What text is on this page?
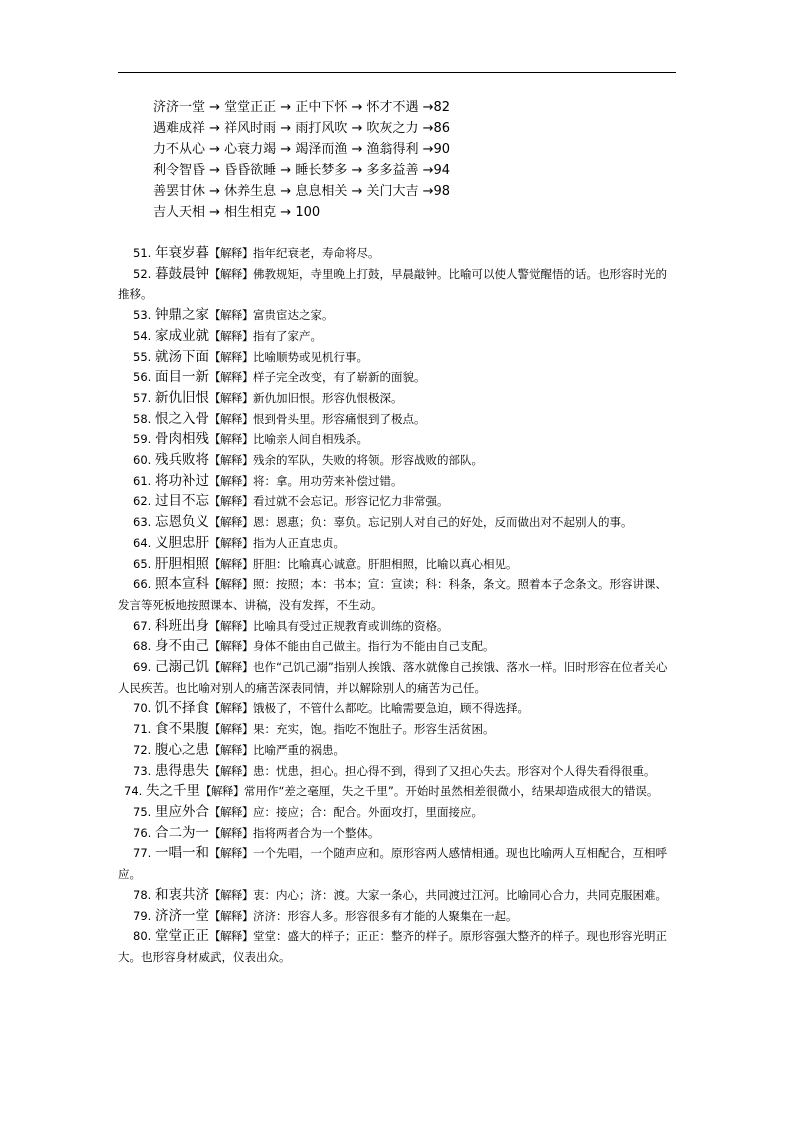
济济一堂 → 堂堂正正 → 正中下怀 → 怀才不遇 →82
遇难成祥 → 祥风时雨 → 雨打风吹 → 吹灰之力 →86
力不从心 → 心衰力竭 → 竭泽而渔 → 渔翁得利 →90
利令智昏 → 昏昏欲睡 → 睡长梦多 → 多多益善 →94
善罢甘休 → 休养生息 → 息息相关 → 关门大吉 →98
吉人天相 → 相生相克 → 100
51. 年衰岁暮【解释】指年纪衰老，寿命将尽。
52. 暮鼓晨钟【解释】佛教规矩，寺里晚上打鼓，早晨敲钟。比喻可以使人警觉醒悟的话。也形容时光的推移。
53. 钟鼎之家【解释】富贵宦达之家。
54. 家成业就【解释】指有了家产。
55. 就汤下面【解释】比喻顺势或见机行事。
56. 面目一新【解释】样子完全改变，有了崭新的面貌。
57. 新仇旧恨【解释】新仇加旧恨。形容仇恨极深。
58. 恨之入骨【解释】恨到骨头里。形容痛恨到了极点。
59. 骨肉相残【解释】比喻亲人间自相残杀。
60. 残兵败将【解释】残余的军队，失败的将领。形容战败的部队。
61. 将功补过【解释】将：拿。用功劳来补偿过错。
62. 过目不忘【解释】看过就不会忘记。形容记忆力非常强。
63. 忘恩负义【解释】恩：恩惠；负：辜负。忘记别人对自己的好处，反而做出对不起别人的事。
64. 义胆忠肝【解释】指为人正直忠贞。
65. 肝胆相照【解释】肝胆：比喻真心诚意。肝胆相照，比喻以真心相见。
66. 照本宣科【解释】照：按照；本：书本；宣：宣读；科：科条，条文。照着本子念条文。形容讲课、发言等死板地按照课本、讲稿，没有发挥，不生动。
67. 科班出身【解释】比喻具有受过正规教育或训练的资格。
68. 身不由己【解释】身体不能由自己做主。指行为不能由自己支配。
69. 己溺己饥【解释】也作“己饥己溺”指别人挨饿、落水就像自己挨饿、落水一样。旧时形容在位者关心人民疾苦。也比喻对别人的痛苦深表同情，并以解除别人的痛苦为己任。
70. 饥不择食【解释】饿极了，不管什么都吃。比喻需要急迫，顾不得选择。
71. 食不果腹【解释】果：充实，饱。指吃不饱肚子。形容生活贫困。
72. 腹心之患【解释】比喻严重的祸患。
73. 患得患失【解释】患：忧患，担心。担心得不到，得到了又担心失去。形容对个人得失看得很重。
74. 失之千里【解释】常用作“差之毫厘，失之千里”。开始时虽然相差很微小，结果却造成很大的错误。
75. 里应外合【解释】应：接应；合：配合。外面攻打，里面接应。
76. 合二为一【解释】指将两者合为一个整体。
77. 一唱一和【解释】一个先唱，一个随声应和。原形容两人感情相通。现也比喻两人互相配合，互相呼应。
78. 和衷共济【解释】衷：内心；济：渡。大家一条心，共同渡过江河。比喻同心合力，共同克服困难。
79. 济济一堂【解释】济济：形容人多。形容很多有才能的人聚集在一起。
80. 堂堂正正【解释】堂堂：盛大的样子；正正：整齐的样子。原形容强大整齐的样子。现也形容光明正大。也形容身材威武，仪表出众。
